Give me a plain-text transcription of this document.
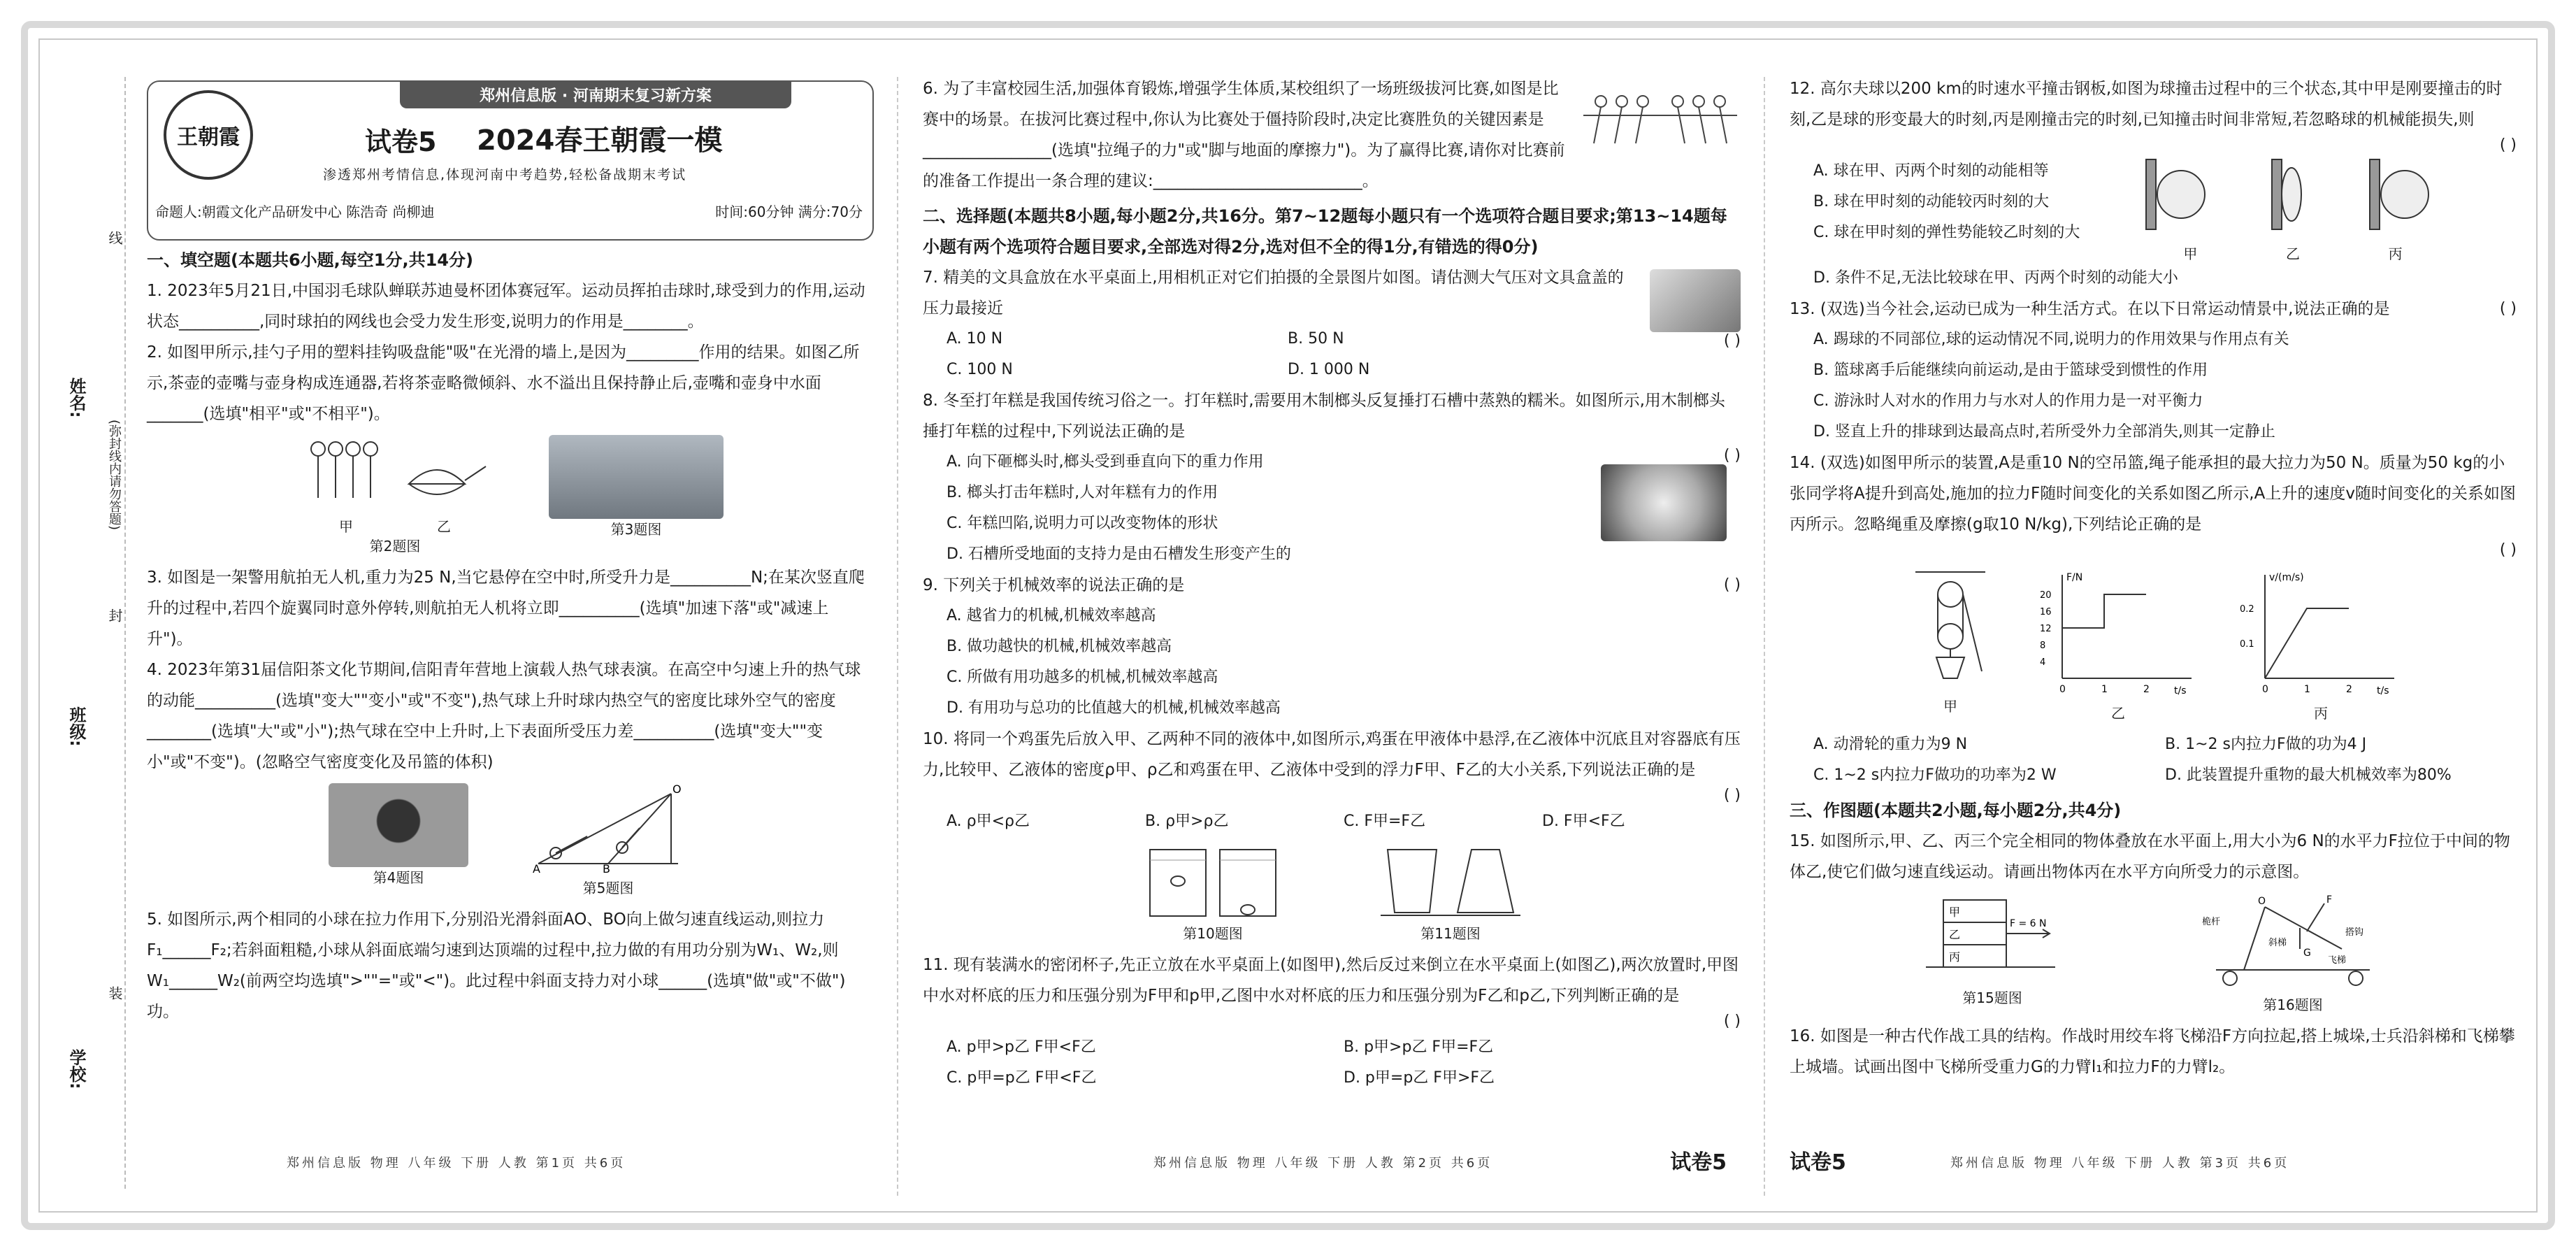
姓名:
班级:
学校:
线
封
装
(弥封线内请勿答题)
王朝霞
郑州信息版 · 河南期末复习新方案
试卷5 2024春王朝霞一模
渗透郑州考情信息,体现河南中考趋势,轻松备战期末考试
命题人:朝霞文化产品研发中心 陈浩奇 尚柳迪	时间:60分钟 满分:70分

一、填空题(本题共6小题,每空1分,共14分)

1. 2023年5月21日,中国羽毛球队蝉联苏迪曼杯团体赛冠军。运动员挥拍击球时,球受到力的作用,运动状态__________,同时球拍的网线也会受力发生形变,说明力的作用是________。

2. 如图甲所示,挂勺子用的塑料挂钩吸盘能"吸"在光滑的墙上,是因为_________作用的结果。如图乙所示,茶壶的壶嘴与壶身构成连通器,若将茶壶略微倾斜、水不溢出且保持静止后,壶嘴和壶身中水面_______(选填"相平"或"不相平")。

甲	乙
第2题图
第3题图

3. 如图是一架警用航拍无人机,重力为25 N,当它悬停在空中时,所受升力是__________N;在某次竖直爬升的过程中,若四个旋翼同时意外停转,则航拍无人机将立即__________(选填"加速下落"或"减速上升")。

4. 2023年第31届信阳茶文化节期间,信阳青年营地上演载人热气球表演。在高空中匀速上升的热气球的动能__________(选填"变大""变小"或"不变"),热气球上升时球内热空气的密度比球外空气的密度________(选填"大"或"小");热气球在空中上升时,上下表面所受压力差__________(选填"变大""变小"或"不变")。(忽略空气密度变化及吊篮的体积)

第4题图
A	B
O
第5题图

5. 如图所示,两个相同的小球在拉力作用下,分别沿光滑斜面AO、BO向上做匀速直线运动,则拉力F₁______F₂;若斜面粗糙,小球从斜面底端匀速到达顶端的过程中,拉力做的有用功分别为W₁、W₂,则W₁______W₂(前两空均选填">""="或"<")。此过程中斜面支持力对小球______(选填"做"或"不做")功。

郑州信息版 物理 八年级 下册 人教 第1页 共6页

6. 为了丰富校园生活,加强体育锻炼,增强学生体质,某校组织了一场班级拔河比赛,如图是比赛中的场景。在拔河比赛过程中,你认为比赛处于僵持阶段时,决定比赛胜负的关键因素是________________(选填"拉绳子的力"或"脚与地面的摩擦力")。为了赢得比赛,请你对比赛前的准备工作提出一条合理的建议:__________________________。

二、选择题(本题共8小题,每小题2分,共16分。第7~12题每小题只有一个选项符合题目要求;第13~14题每小题有两个选项符合题目要求,全部选对得2分,选对但不全的得1分,有错选的得0分)

7. 精美的文具盒放在水平桌面上,用相机正对它们拍摄的全景图片如图。请估测大气压对文具盒盖的压力最接近

A. 10 N	B. 50 N
C. 100 N	D. 1 000 N
( )

8. 冬至打年糕是我国传统习俗之一。打年糕时,需要用木制榔头反复捶打石槽中蒸熟的糯米。如图所示,用木制榔头捶打年糕的过程中,下列说法正确的是

A. 向下砸榔头时,榔头受到垂直向下的重力作用

B. 榔头打击年糕时,人对年糕有力的作用

C. 年糕凹陷,说明力可以改变物体的形状

D. 石槽所受地面的支持力是由石槽发生形变产生的

( )

9. 下列关于机械效率的说法正确的是	( )

A. 越省力的机械,机械效率越高

B. 做功越快的机械,机械效率越高

C. 所做有用功越多的机械,机械效率越高

D. 有用功与总功的比值越大的机械,机械效率越高

10. 将同一个鸡蛋先后放入甲、乙两种不同的液体中,如图所示,鸡蛋在甲液体中悬浮,在乙液体中沉底且对容器底有压力,比较甲、乙液体的密度ρ甲、ρ乙和鸡蛋在甲、乙液体中受到的浮力F甲、F乙的大小关系,下列说法正确的是

( )
A. ρ甲<ρ乙	B. ρ甲>ρ乙	C. F甲=F乙	D. F甲<F乙
第10题图	第11题图

11. 现有装满水的密闭杯子,先正立放在水平桌面上(如图甲),然后反过来倒立在水平桌面上(如图乙),两次放置时,甲图中水对杯底的压力和压强分别为F甲和p甲,乙图中水对杯底的压力和压强分别为F乙和p乙,下列判断正确的是

( )
A. p甲>p乙 F甲<F乙	B. p甲>p乙 F甲=F乙
C. p甲=p乙 F甲<F乙	D. p甲=p乙 F甲>F乙
郑州信息版 物理 八年级 下册 人教 第2页 共6页	试卷5

12. 高尔夫球以200 km的时速水平撞击钢板,如图为球撞击过程中的三个状态,其中甲是刚要撞击的时刻,乙是球的形变最大的时刻,丙是刚撞击完的时刻,已知撞击时间非常短,若忽略球的机械能损失,则

( )

A. 球在甲、丙两个时刻的动能相等

B. 球在甲时刻的动能较丙时刻的大

C. 球在甲时刻的弹性势能较乙时刻的大

甲	乙	丙

D. 条件不足,无法比较球在甲、丙两个时刻的动能大小

13. (双选)当今社会,运动已成为一种生活方式。在以下日常运动情景中,说法正确的是	( )

A. 踢球的不同部位,球的运动情况不同,说明力的作用效果与作用点有关

B. 篮球离手后能继续向前运动,是由于篮球受到惯性的作用

C. 游泳时人对水的作用力与水对人的作用力是一对平衡力

D. 竖直上升的排球到达最高点时,若所受外力全部消失,则其一定静止

14. (双选)如图甲所示的装置,A是重10 N的空吊篮,绳子能承担的最大拉力为50 N。质量为50 kg的小张同学将A提升到高处,施加的拉力F随时间变化的关系如图乙所示,A上升的速度v随时间变化的关系如图丙所示。忽略绳重及摩擦(g取10 N/kg),下列结论正确的是

( )
甲
F/N
t/s
0	1	2
4
8
12
16
20
乙
v/(m/s)
t/s
0	1	2
0.2
0.1
丙
A. 动滑轮的重力为9 N	B. 1~2 s内拉力F做的功为4 J
C. 1~2 s内拉力F做功的功率为2 W	D. 此装置提升重物的最大机械效率为80%

三、作图题(本题共2小题,每小题2分,共4分)

15. 如图所示,甲、乙、丙三个完全相同的物体叠放在水平面上,用大小为6 N的水平力F拉位于中间的物体乙,使它们做匀速直线运动。请画出物体丙在水平方向所受力的示意图。

甲
乙
丙
F = 6 N
第15题图
O	F
G
桅杆
斜梯
飞梯
搭钩
第16题图

16. 如图是一种古代作战工具的结构。作战时用绞车将飞梯沿F方向拉起,搭上城垛,士兵沿斜梯和飞梯攀上城墙。试画出图中飞梯所受重力G的力臂l₁和拉力F的力臂l₂。

试卷5	郑州信息版 物理 八年级 下册 人教 第3页 共6页
